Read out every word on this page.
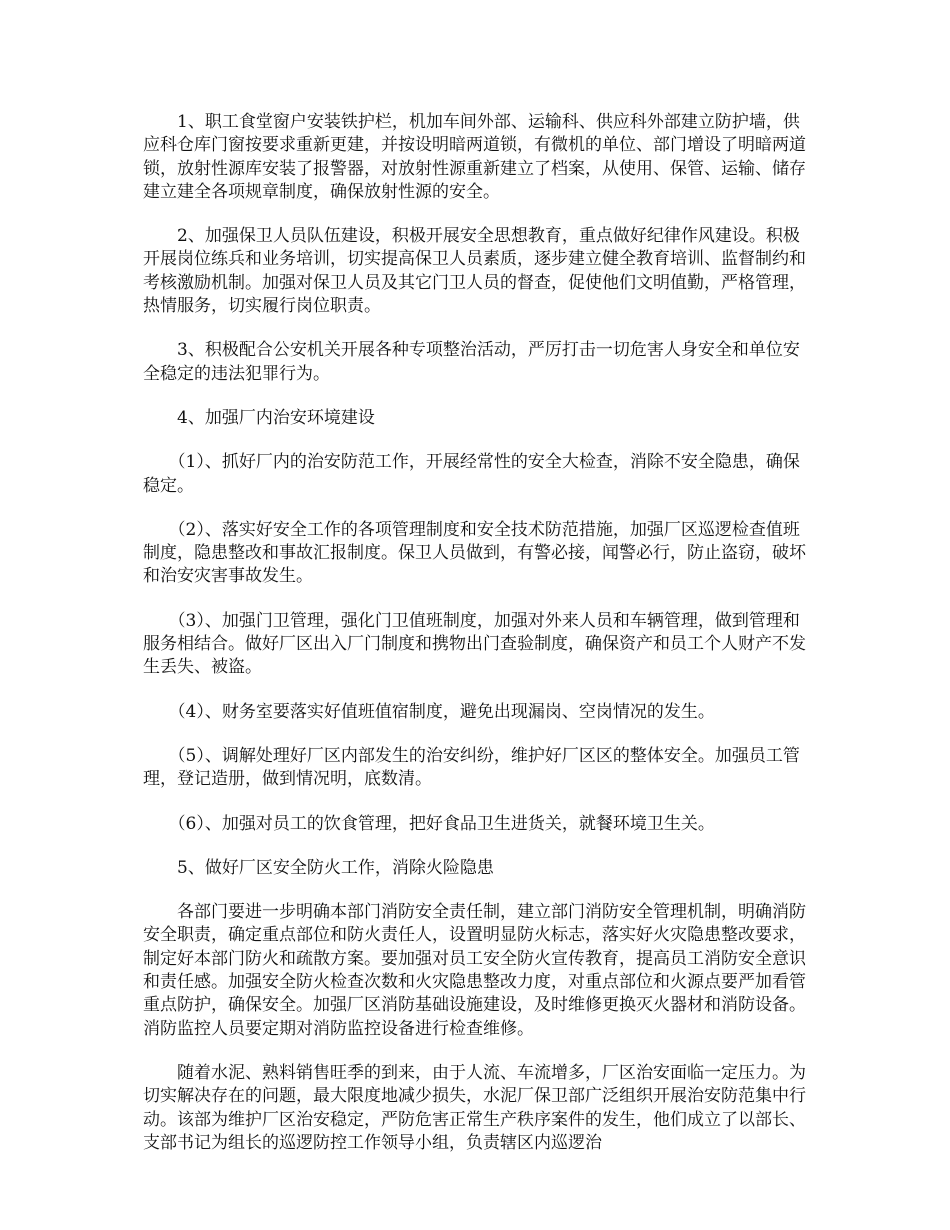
　　1、职工食堂窗户安装铁护栏，机加车间外部、运输科、供应科外部建立防护墙，供应科仓库门窗按要求重新更建，并按设明暗两道锁，有微机的单位、部门增设了明暗两道锁，放射性源库安装了报警器，对放射性源重新建立了档案，从使用、保管、运输、储存建立建全各项规章制度，确保放射性源的安全。

　　2、加强保卫人员队伍建设，积极开展安全思想教育，重点做好纪律作风建设。积极开展岗位练兵和业务培训，切实提高保卫人员素质，逐步建立健全教育培训、监督制约和考核激励机制。加强对保卫人员及其它门卫人员的督查，促使他们文明值勤，严格管理，热情服务，切实履行岗位职责。

　　3、积极配合公安机关开展各种专项整治活动，严厉打击一切危害人身安全和单位安全稳定的违法犯罪行为。

　　4、加强厂内治安环境建设

　　（1）、抓好厂内的治安防范工作，开展经常性的安全大检查，消除不安全隐患，确保稳定。

　　（2）、落实好安全工作的各项管理制度和安全技术防范措施，加强厂区巡逻检查值班制度，隐患整改和事故汇报制度。保卫人员做到，有警必接，闻警必行，防止盗窃，破坏和治安灾害事故发生。

　　（3）、加强门卫管理，强化门卫值班制度，加强对外来人员和车辆管理，做到管理和服务相结合。做好厂区出入厂门制度和携物出门查验制度，确保资产和员工个人财产不发生丢失、被盗。

　　（4）、财务室要落实好值班值宿制度，避免出现漏岗、空岗情况的发生。

　　（5）、调解处理好厂区内部发生的治安纠纷，维护好厂区区的整体安全。加强员工管理，登记造册，做到情况明，底数清。

　　（6）、加强对员工的饮食管理，把好食品卫生进货关，就餐环境卫生关。

　　5、做好厂区安全防火工作，消除火险隐患

　　各部门要进一步明确本部门消防安全责任制，建立部门消防安全管理机制，明确消防安全职责，确定重点部位和防火责任人，设置明显防火标志，落实好火灾隐患整改要求，制定好本部门防火和疏散方案。要加强对员工安全防火宣传教育，提高员工消防安全意识和责任感。加强安全防火检查次数和火灾隐患整改力度，对重点部位和火源点要严加看管重点防护，确保安全。加强厂区消防基础设施建设，及时维修更换灭火器材和消防设备。消防监控人员要定期对消防监控设备进行检查维修。

　　随着水泥、熟料销售旺季的到来，由于人流、车流增多，厂区治安面临一定压力。为切实解决存在的问题，最大限度地减少损失，水泥厂保卫部广泛组织开展治安防范集中行动。该部为维护厂区治安稳定，严防危害正常生产秩序案件的发生，他们成立了以部长、支部书记为组长的巡逻防控工作领导小组，负责辖区内巡逻治
